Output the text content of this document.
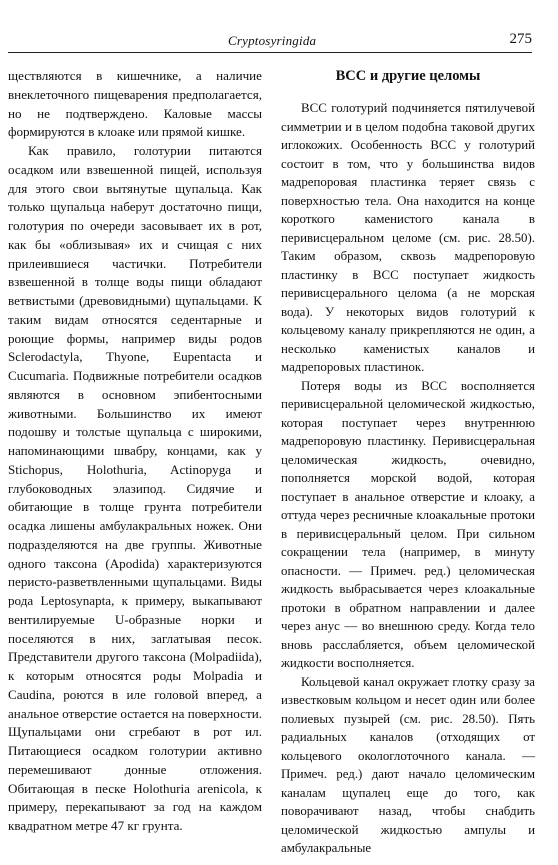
Cryptosyringida	275

ществляются в кишечнике, а наличие внеклеточного пищеварения предполагается, но не подтверждено. Каловые массы формируются в клоаке или прямой кишке.

Как правило, голотурии питаются осадком или взвешенной пищей, используя для этого свои вытянутые щупальца. Как только щупальца наберут достаточно пищи, голотурия по очереди засовывает их в рот, как бы «облизывая» их и счищая с них прилеившиеся частички. Потребители взвешенной в толще воды пищи обладают ветвистыми (древовидными) щупальцами. К таким видам относятся седентарные и роющие формы, например виды родов Sclerodactyla, Thyone, Eupentacta и Cucumaria. Подвижные потребители осадков являются в основном эпибентосными животными. Большинство их имеют подошву и толстые щупальца с широкими, напоминающими швабру, концами, как у Stichopus, Holothuria, Actinopyga и глубоководных элазипод. Сидячие и обитающие в толще грунта потребители осадка лишены амбулакральных ножек. Они подразделяются на две группы. Животные одного таксона (Apodida) характеризуются перисто-разветвленными щупальцами. Виды рода Leptosynapta, к примеру, выкапывают вентилируемые U-образные норки и поселяются в них, заглатывая песок. Представители другого таксона (Molpadiida), к которым относятся роды Molpadia и Caudina, роются в иле головой вперед, а анальное отверстие остается на поверхности. Щупальцами они сгребают в рот ил. Питающиеся осадком голотурии активно перемешивают донные отложения. Обитающая в песке Holothuria arenicola, к примеру, перекапывают за год на каждом квадратном метре 47 кг грунта.

ВСС и другие целомы

ВСС голотурий подчиняется пятилучевой симметрии и в целом подобна таковой других иглокожих. Особенность ВСС у голотурий состоит в том, что у большинства видов мадрепоровая пластинка теряет связь с поверхностью тела. Она находится на конце короткого каменистого канала в перивисцеральном целоме (см. рис. 28.50). Таким образом, сквозь мадрепоровую пластинку в ВСС поступает жидкость перивисцерального целома (а не морская вода). У некоторых видов голотурий к кольцевому каналу прикрепляются не один, а несколько каменистых каналов и мадрепоровых пластинок.

Потеря воды из ВСС восполняется перивисцеральной целомической жидкостью, которая поступает через внутреннюю мадрепоровую пластинку. Перивисцеральная целомическая жидкость, очевидно, пополняется морской водой, которая поступает в анальное отверстие и клоаку, а оттуда через ресничные клоакальные протоки в перивисцеральный целом. При сильном сокращении тела (например, в минуту опасности. — Примеч. ред.) целомическая жидкость выбрасывается через клоакальные протоки в обратном направлении и далее через анус — во внешнюю среду. Когда тело вновь расслабляется, объем целомической жидкости восполняется.

Кольцевой канал окружает глотку сразу за известковым кольцом и несет один или более полиевых пузырей (см. рис. 28.50). Пять радиальных каналов (отходящих от кольцевого окологлоточного канала. — Примеч. ред.) дают начало целомическим каналам щупалец еще до того, как поворачивают назад, чтобы снабдить целомической жидкостью ампулы и амбулакральные
